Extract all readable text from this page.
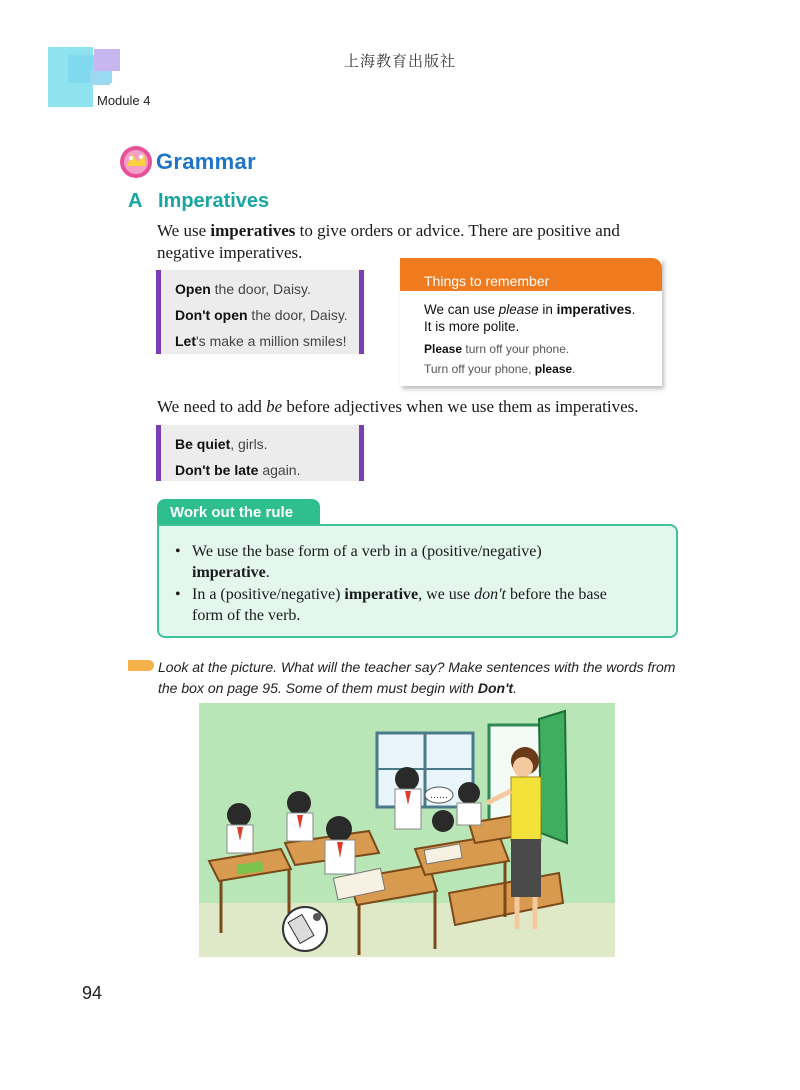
上海教育出版社
Module 4
Grammar
A Imperatives
We use imperatives to give orders or advice. There are positive and
negative imperatives.
Open the door, Daisy.
Don't open the door, Daisy.
Let's make a million smiles!
Things to remember
We can use please in imperatives.
It is more polite.
Please turn off your phone.
Turn off your phone, please.
We need to add be before adjectives when we use them as imperatives.
Be quiet, girls.
Don't be late again.
Work out the rule
• We use the base form of a verb in a (positive/negative)
imperative.
• In a (positive/negative) imperative, we use don't before the base
form of the verb.
Look at the picture. What will the teacher say? Make sentences with the words from
the box on page 95. Some of them must begin with Don't.
……
94
